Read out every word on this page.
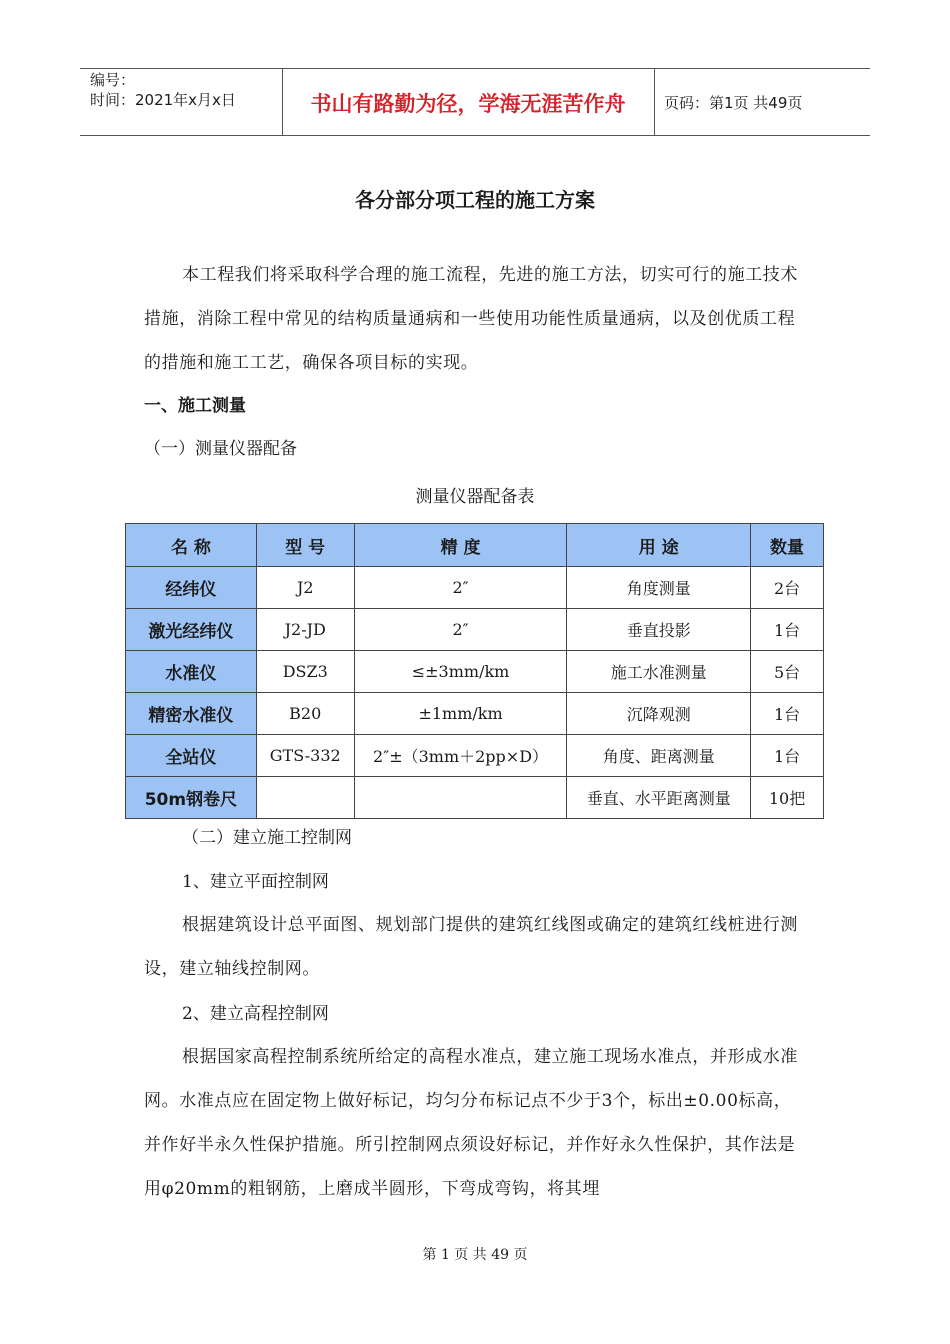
编号：
时间：2021年x月x日	书山有路勤为径，学海无涯苦作舟	页码：第1页 共49页
各分部分项工程的施工方案

本工程我们将采取科学合理的施工流程，先进的施工方法，切实可行的施工技术措施，消除工程中常见的结构质量通病和一些使用功能性质量通病，以及创优质工程的措施和施工工艺，确保各项目标的实现。

一、施工测量

（一）测量仪器配备

测量仪器配备表
名 称	型 号	精 度	用 途	数量
经纬仪	J2	2″	角度测量	2台
激光经纬仪	J2-JD	2″	垂直投影	1台
水准仪	DSZ3	≤±3mm/km	施工水准测量	5台
精密水准仪	B20	±1mm/km	沉降观测	1台
全站仪	GTS-332	2″±（3mm＋2pp×D）	角度、距离测量	1台
50m钢卷尺			垂直、水平距离测量	10把

（二）建立施工控制网

1、建立平面控制网

根据建筑设计总平面图、规划部门提供的建筑红线图或确定的建筑红线桩进行测设，建立轴线控制网。

2、建立高程控制网

根据国家高程控制系统所给定的高程水准点，建立施工现场水准点，并形成水准网。水准点应在固定物上做好标记，均匀分布标记点不少于3个，标出±0.00标高，并作好半永久性保护措施。所引控制网点须设好标记，并作好永久性保护，其作法是用φ20mm的粗钢筋，上磨成半圆形，下弯成弯钩，将其埋

第 1 页 共 49 页
